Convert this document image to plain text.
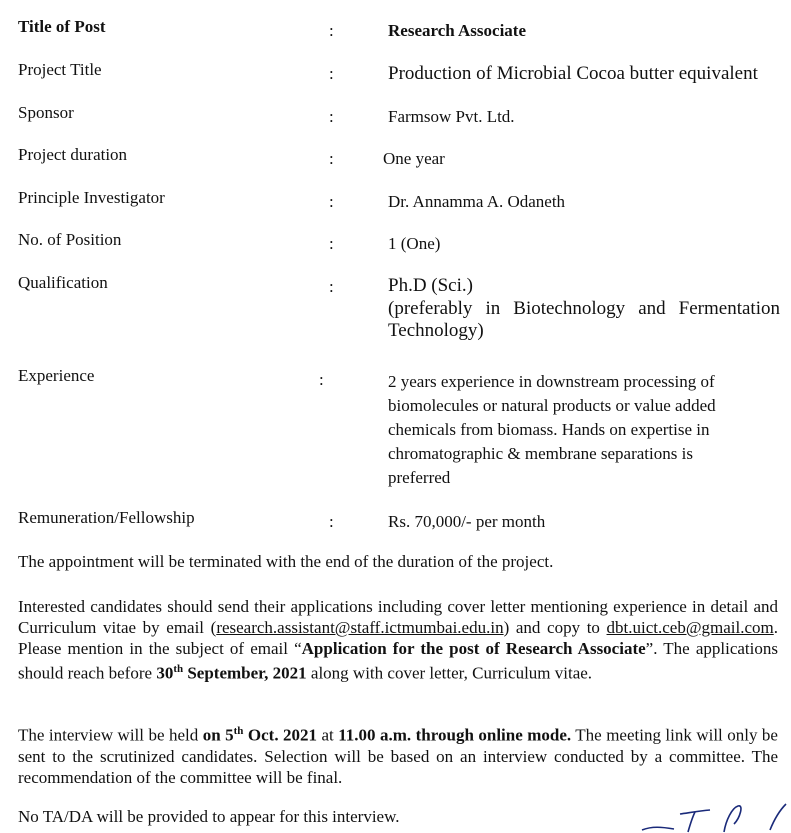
Title of Post	:	Research Associate
Project Title	:	Production of Microbial Cocoa butter equivalent
Sponsor	:	Farmsow Pvt. Ltd.
Project duration	:	One year
Principle Investigator	:	Dr. Annamma A. Odaneth
No. of Position	:	1 (One)
Qualification	:	Ph.D (Sci.)
(preferably in Biotechnology and Fermentation Technology)
Experience	:	2 years experience in downstream processing of biomolecules or natural products or value added chemicals from biomass. Hands on expertise in chromatographic & membrane separations is preferred
Remuneration/Fellowship	:	Rs. 70,000/- per month
The appointment will be terminated with the end of the duration of the project.
Interested candidates should send their applications including cover letter mentioning experience in detail and Curriculum vitae by email (research.assistant@staff.ictmumbai.edu.in) and copy to dbt.uict.ceb@gmail.com. Please mention in the subject of email “Application for the post of Research Associate”. The applications should reach before 30th September, 2021 along with cover letter, Curriculum vitae.
The interview will be held on 5th Oct. 2021 at 11.00 a.m. through online mode. The meeting link will only be sent to the scrutinized candidates. Selection will be based on an interview conducted by a committee. The recommendation of the committee will be final.
No TA/DA will be provided to appear for this interview.
